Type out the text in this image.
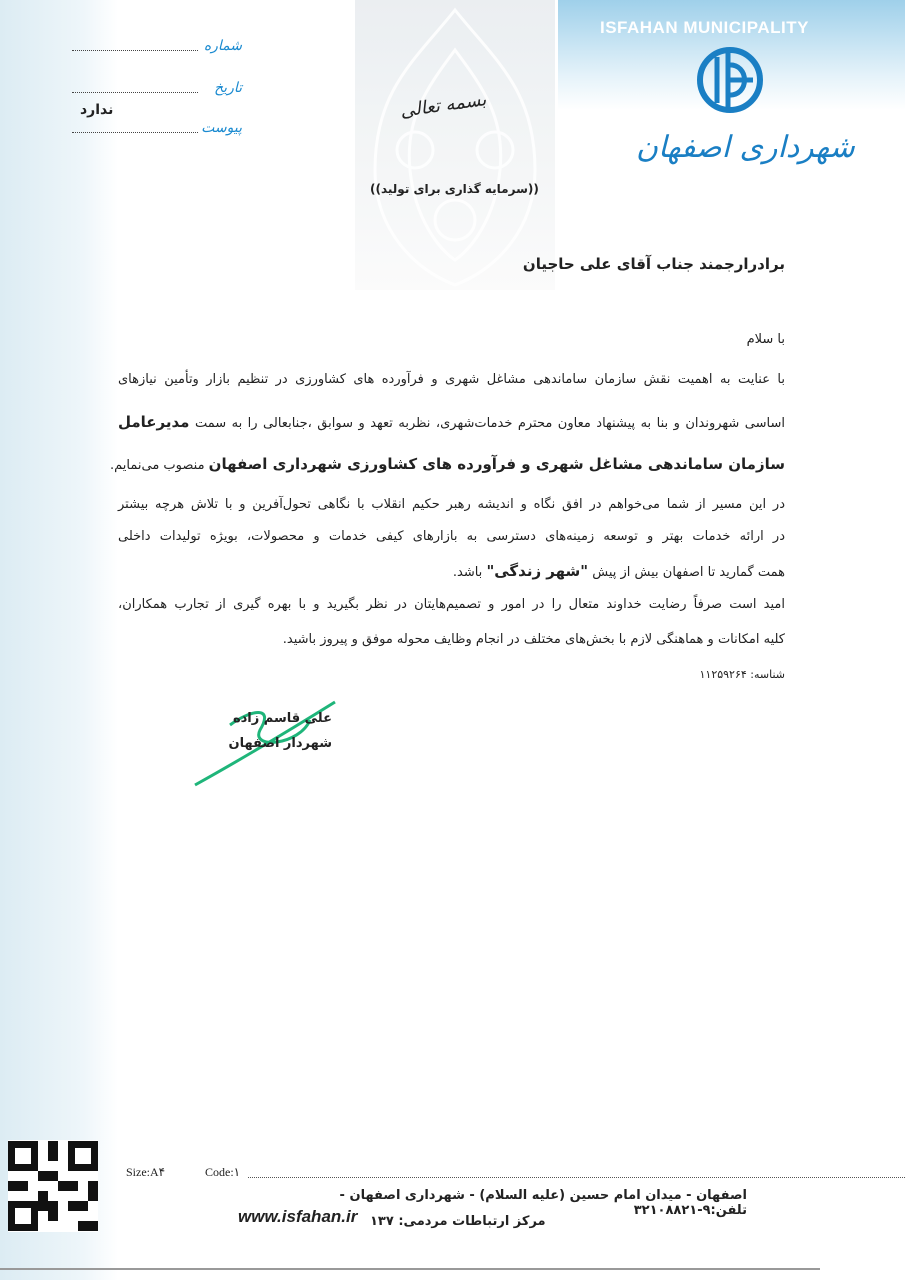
ISFAHAN MUNICIPALITY
شهرداری اصفهان
شماره
تاریخ
پیوست
ندارد	بسمه تعالی
((سرمایه گذاری برای تولید))
برادرارجمند جناب آقای علی حاجیان
با سلام
با عنایت به اهمیت نقش سازمان ساماندهی مشاغل شهری و فرآورده های کشاورزی در تنظیم بازار وتأمین نیازهای
اساسی شهروندان و بنا به پیشنهاد معاون محترم خدمات‌شهری، نظربه تعهد و سوابق ،جنابعالی را به سمت مدیرعامل
سازمان ساماندهی مشاغل شهری و فرآورده های کشاورزی شهرداری اصفهان منصوب می‌نمایم.
در این مسیر از شما می‌خواهم در افق نگاه و اندیشه رهبر حکیم انقلاب با نگاهی تحول‌آفرین و با تلاش هرچه بیشتر
در ارائه خدمات بهتر و توسعه زمینه‌های دسترسی به بازارهای کیفی خدمات و محصولات، بویژه تولیدات داخلی
همت گمارید تا اصفهان بیش از پیش "شهر زندگی" باشد.
امید است صرفاً رضایت خداوند متعال را در امور و تصمیم‌هایتان در نظر بگیرید و با بهره گیری از تجارب همکاران،
کلیه امکانات و هماهنگی لازم با بخش‌های مختلف در انجام وظایف محوله موفق و پیروز باشید.
شناسه: ۱۱۲۵۹۲۶۴
علی قاسم زاده
شهردار اصفهان
Size:A۴	Code:۱
اصفهان - میدان امام حسین (علیه السلام) - شهرداری اصفهان - تلفن:۹-۳۲۱۰۸۸۲۱
مرکز ارتباطات مردمی: ۱۳۷
www.isfahan.ir
